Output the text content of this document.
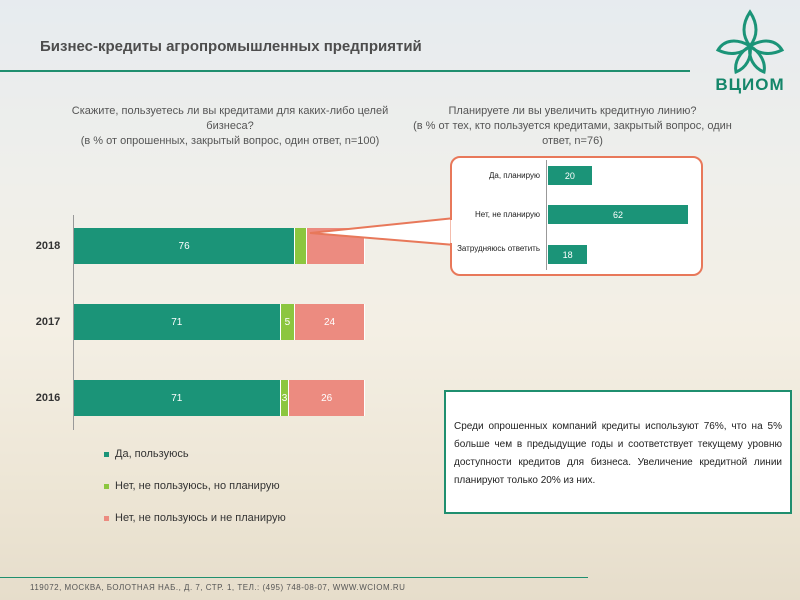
Бизнес-кредиты агропромышленных предприятий
ВЦИОМ
Скажите, пользуетесь ли вы кредитами для каких-либо целей бизнеса?
(в % от опрошенных, закрытый вопрос, один ответ, n=100)
Планируете ли вы увеличить кредитную линию?
(в % от тех, кто пользуется кредитами, закрытый вопрос, один ответ, n=76)
2018	76
2017	71	5	24
2016	71	3	26
Да, пользуюсь
Нет, не пользуюсь, но планирую
Нет, не пользуюсь и не планирую
Да, планирую	20
Нет, не планирую	62
Затрудняюсь ответить
18
Среди опрошенных компаний кредиты используют 76%, что на 5% больше чем в предыдущие годы и соответствует текущему уровню доступности кредитов для бизнеса. Увеличение кредитной линии планируют только 20% из них.
119072, МОСКВА, БОЛОТНАЯ НАБ., Д. 7, СТР. 1, ТЕЛ.: (495) 748-08-07, WWW.WCIOM.RU
